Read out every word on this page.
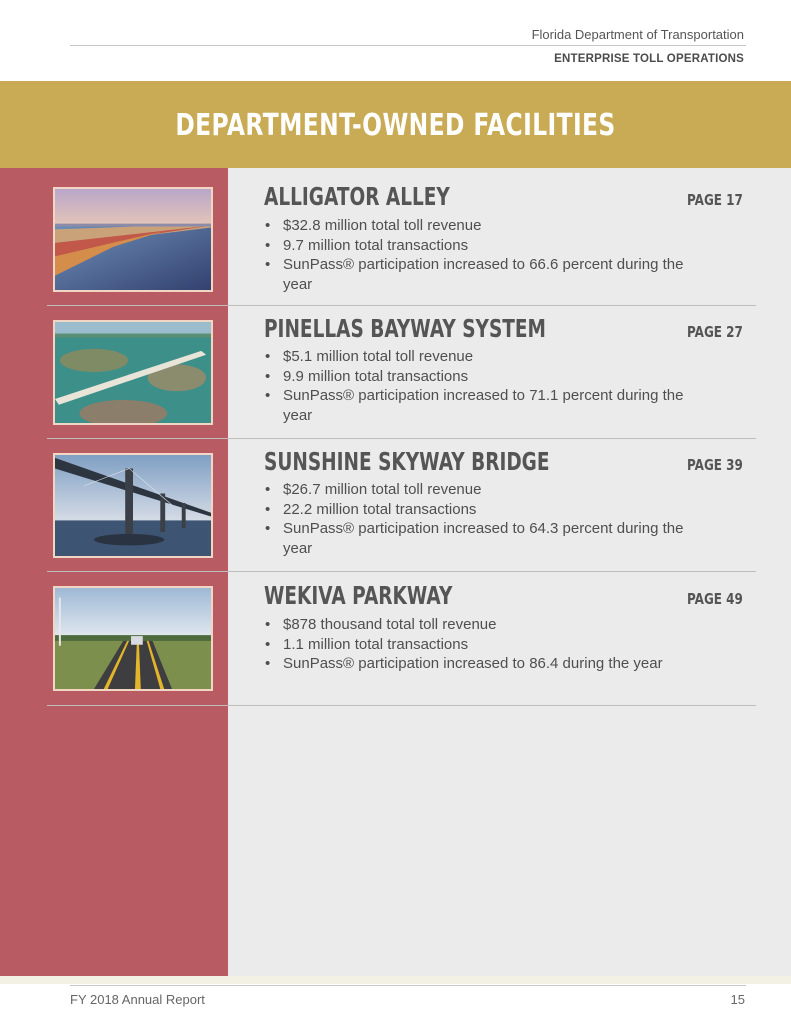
Florida Department of Transportation
ENTERPRISE TOLL OPERATIONS
DEPARTMENT-OWNED FACILITIES
ALLIGATOR ALLEY	PAGE 17
• $32.8 million total toll revenue
• 9.7 million total transactions
• SunPass® participation increased to 66.6 percent during the year
PINELLAS BAYWAY SYSTEM	PAGE 27
• $5.1 million total toll revenue
• 9.9 million total transactions
• SunPass® participation increased to 71.1 percent during the year
SUNSHINE SKYWAY BRIDGE	PAGE 39
• $26.7 million total toll revenue
• 22.2 million total transactions
• SunPass® participation increased to 64.3 percent during the year
WEKIVA PARKWAY	PAGE 49
• $878 thousand total toll revenue
• 1.1 million total transactions
• SunPass® participation increased to 86.4 during the year
FY 2018 Annual Report	15
